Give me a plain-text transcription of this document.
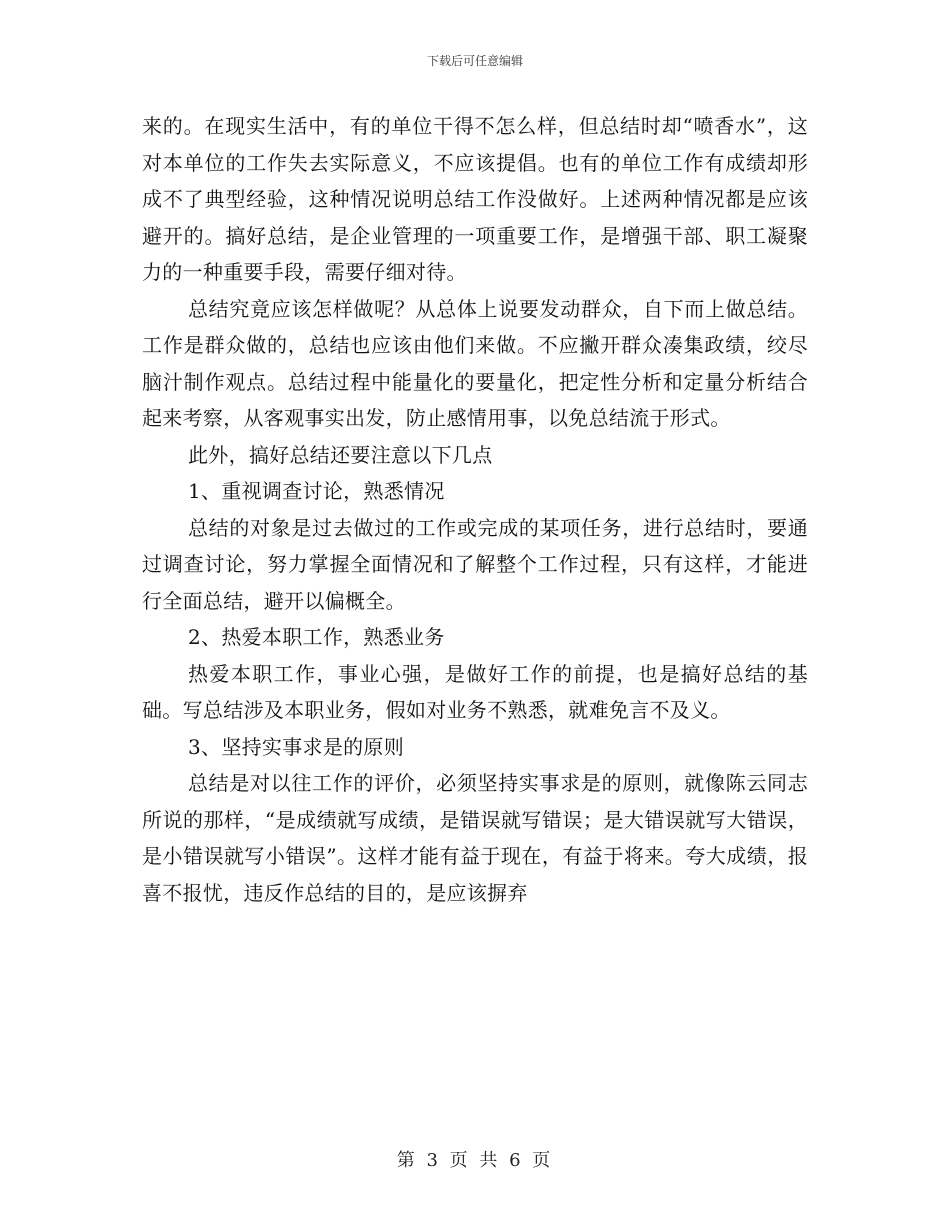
下载后可任意编辑

来的。在现实生活中，有的单位干得不怎么样，但总结时却“喷香水”，这对本单位的工作失去实际意义，不应该提倡。也有的单位工作有成绩却形成不了典型经验，这种情况说明总结工作没做好。上述两种情况都是应该避开的。搞好总结，是企业管理的一项重要工作，是增强干部、职工凝聚力的一种重要手段，需要仔细对待。

总结究竟应该怎样做呢？从总体上说要发动群众，自下而上做总结。工作是群众做的，总结也应该由他们来做。不应撇开群众凑集政绩，绞尽脑汁制作观点。总结过程中能量化的要量化，把定性分析和定量分析结合起来考察，从客观事实出发，防止感情用事，以免总结流于形式。

此外，搞好总结还要注意以下几点

1、重视调查讨论，熟悉情况

总结的对象是过去做过的工作或完成的某项任务，进行总结时，要通过调查讨论，努力掌握全面情况和了解整个工作过程，只有这样，才能进行全面总结，避开以偏概全。

2、热爱本职工作，熟悉业务

热爱本职工作，事业心强，是做好工作的前提，也是搞好总结的基础。写总结涉及本职业务，假如对业务不熟悉，就难免言不及义。

3、坚持实事求是的原则

总结是对以往工作的评价，必须坚持实事求是的原则，就像陈云同志所说的那样，“是成绩就写成绩，是错误就写错误；是大错误就写大错误，是小错误就写小错误”。这样才能有益于现在，有益于将来。夸大成绩，报喜不报忧，违反作总结的目的，是应该摒弃

第 3 页 共 6 页
